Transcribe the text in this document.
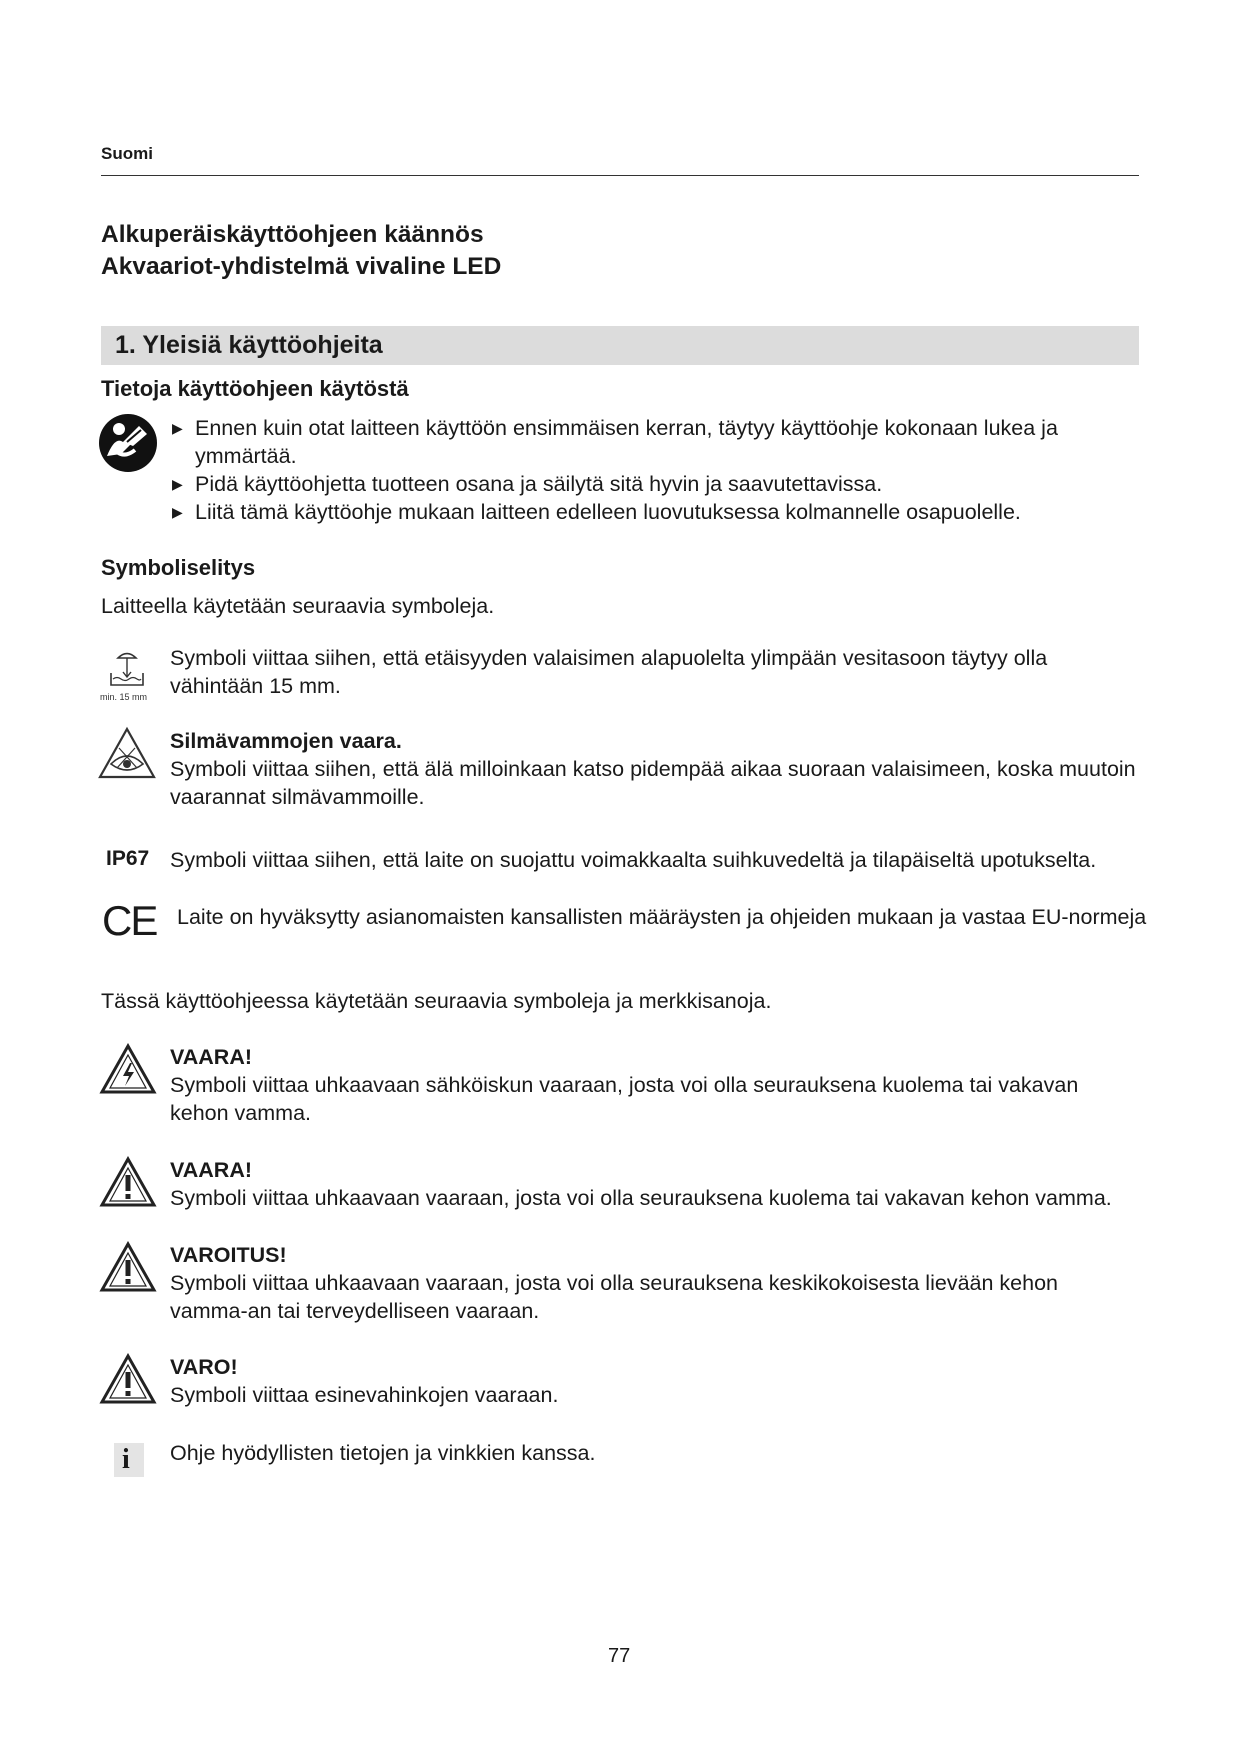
Suomi
Alkuperäiskäyttöohjeen käännös
Akvaariot-yhdistelmä vivaline LED
1. Yleisiä käyttöohjeita
Tietoja käyttöohjeen käytöstä
▶ Ennen kuin otat laitteen käyttöön ensimmäisen kerran, täytyy käyttöohje kokonaan lukea ja ymmärtää.
▶ Pidä käyttöohjetta tuotteen osana ja säilytä sitä hyvin ja saavutettavissa.
▶ Liitä tämä käyttöohje mukaan laitteen edelleen luovutuksessa kolmannelle osapuolelle.
Symboliselitys
Laitteella käytetään seuraavia symboleja.
min. 15 mm
Symboli viittaa siihen, että etäisyyden valaisimen alapuolelta ylimpään vesitasoon täytyy olla vähintään 15 mm.
Silmävammojen vaara.
Symboli viittaa siihen, että älä milloinkaan katso pidempää aikaa suoraan valaisimeen, koska muutoin vaarannat silmävammoille.
IP67 Symboli viittaa siihen, että laite on suojattu voimakkaalta suihkuvedeltä ja tilapäiseltä upotukselta.
CE Laite on hyväksytty asianomaisten kansallisten määräysten ja ohjeiden mukaan ja vastaa EU-normeja
Tässä käyttöohjeessa käytetään seuraavia symboleja ja merkkisanoja.
VAARA!
Symboli viittaa uhkaavaan sähköiskun vaaraan, josta voi olla seurauksena kuolema tai vakavan kehon vamma.
VAARA!
Symboli viittaa uhkaavaan vaaraan, josta voi olla seurauksena kuolema tai vakavan kehon vamma.
VAROITUS!
Symboli viittaa uhkaavaan vaaraan, josta voi olla seurauksena keskikokoisesta lievään kehon vamma-an tai terveydelliseen vaaraan.
VARO!
Symboli viittaa esinevahinkojen vaaraan.
i Ohje hyödyllisten tietojen ja vinkkien kanssa.
77
